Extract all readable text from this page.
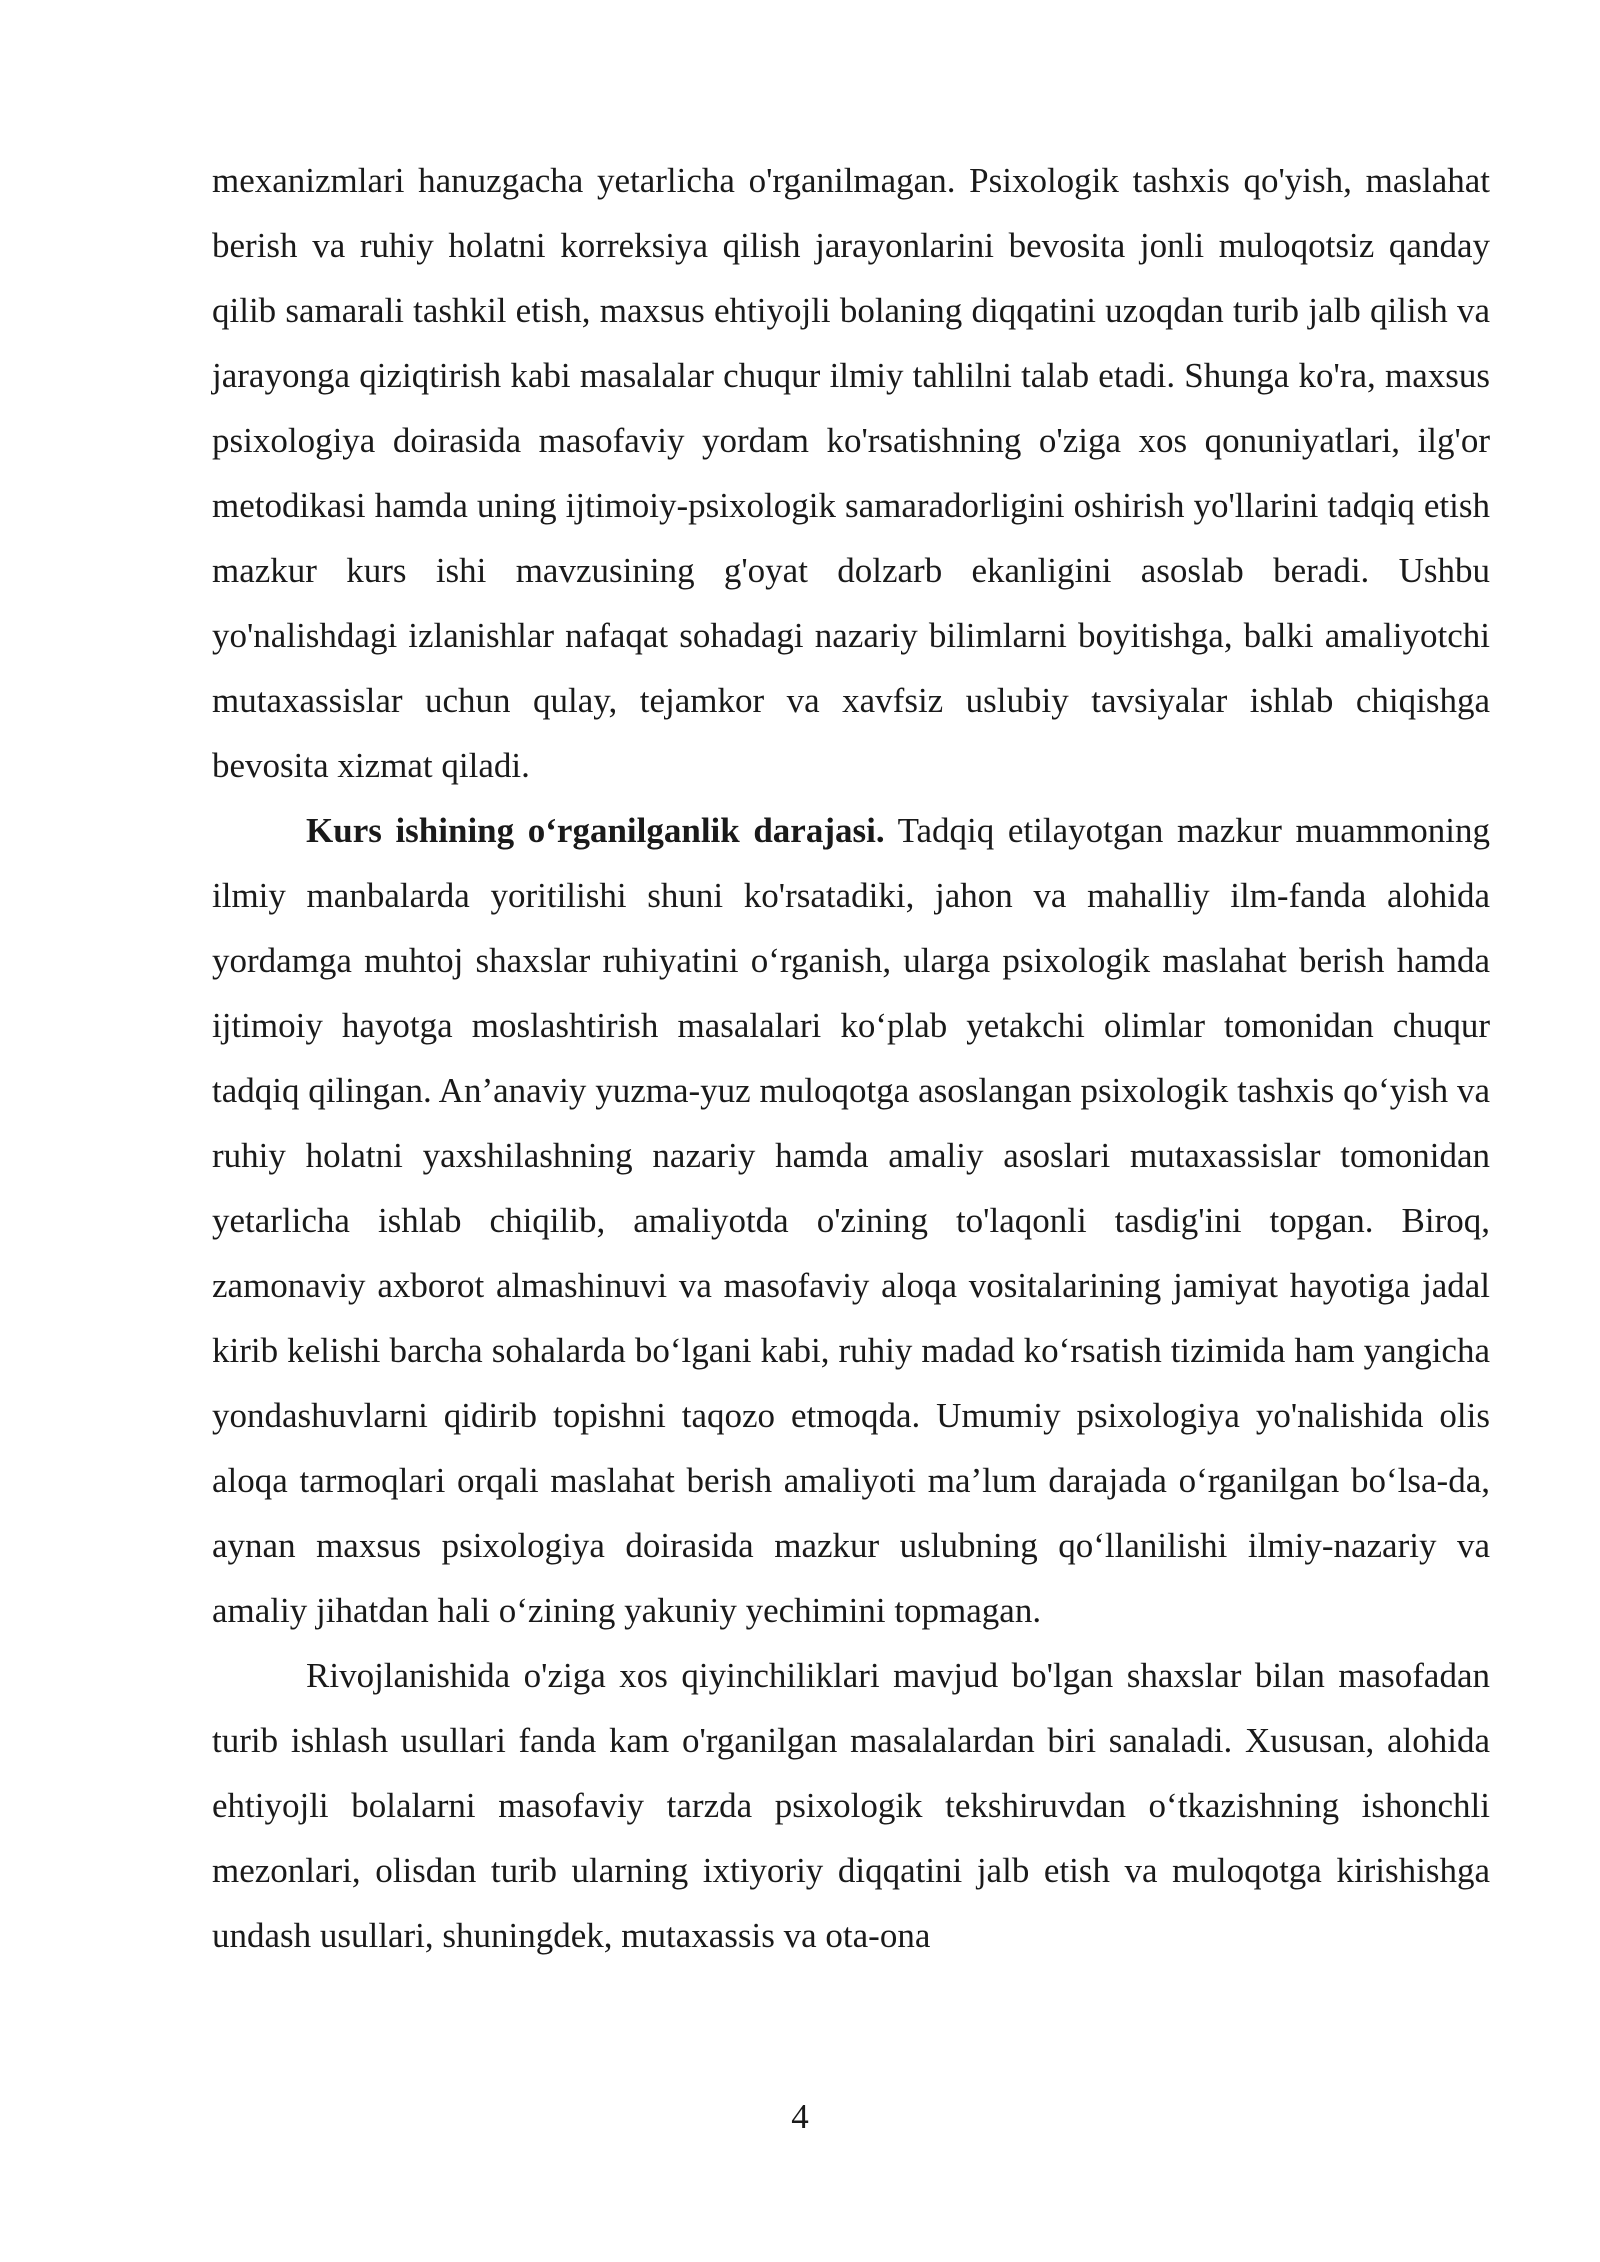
mexanizmlari hanuzgacha yetarlicha o'rganilmagan. Psixologik tashxis qo'yish, maslahat berish va ruhiy holatni korreksiya qilish jarayonlarini bevosita jonli muloqotsiz qanday qilib samarali tashkil etish, maxsus ehtiyojli bolaning diqqatini uzoqdan turib jalb qilish va jarayonga qiziqtirish kabi masalalar chuqur ilmiy tahlilni talab etadi. Shunga ko'ra, maxsus psixologiya doirasida masofaviy yordam ko'rsatishning o'ziga xos qonuniyatlari, ilg'or metodikasi hamda uning ijtimoiy-psixologik samaradorligini oshirish yo'llarini tadqiq etish mazkur kurs ishi mavzusining g'oyat dolzarb ekanligini asoslab beradi. Ushbu yo'nalishdagi izlanishlar nafaqat sohadagi nazariy bilimlarni boyitishga, balki amaliyotchi mutaxassislar uchun qulay, tejamkor va xavfsiz uslubiy tavsiyalar ishlab chiqishga bevosita xizmat qiladi.

Kurs ishining o‘rganilganlik darajasi. Tadqiq etilayotgan mazkur muammoning ilmiy manbalarda yoritilishi shuni ko'rsatadiki, jahon va mahalliy ilm-fanda alohida yordamga muhtoj shaxslar ruhiyatini o‘rganish, ularga psixologik maslahat berish hamda ijtimoiy hayotga moslashtirish masalalari ko‘plab yetakchi olimlar tomonidan chuqur tadqiq qilingan. An’anaviy yuzma-yuz muloqotga asoslangan psixologik tashxis qo‘yish va ruhiy holatni yaxshilashning nazariy hamda amaliy asoslari mutaxassislar tomonidan yetarlicha ishlab chiqilib, amaliyotda o'zining to'laqonli tasdig'ini topgan. Biroq, zamonaviy axborot almashinuvi va masofaviy aloqa vositalarining jamiyat hayotiga jadal kirib kelishi barcha sohalarda bo‘lgani kabi, ruhiy madad ko‘rsatish tizimida ham yangicha yondashuvlarni qidirib topishni taqozo etmoqda. Umumiy psixologiya yo'nalishida olis aloqa tarmoqlari orqali maslahat berish amaliyoti ma’lum darajada o‘rganilgan bo‘lsa-da, aynan maxsus psixologiya doirasida mazkur uslubning qo‘llanilishi ilmiy-nazariy va amaliy jihatdan hali o‘zining yakuniy yechimini topmagan.

Rivojlanishida o'ziga xos qiyinchiliklari mavjud bo'lgan shaxslar bilan masofadan turib ishlash usullari fanda kam o'rganilgan masalalardan biri sanaladi. Xususan, alohida ehtiyojli bolalarni masofaviy tarzda psixologik tekshiruvdan o‘tkazishning ishonchli mezonlari, olisdan turib ularning ixtiyoriy diqqatini jalb etish va muloqotga kirishishga undash usullari, shuningdek, mutaxassis va ota-ona

4
